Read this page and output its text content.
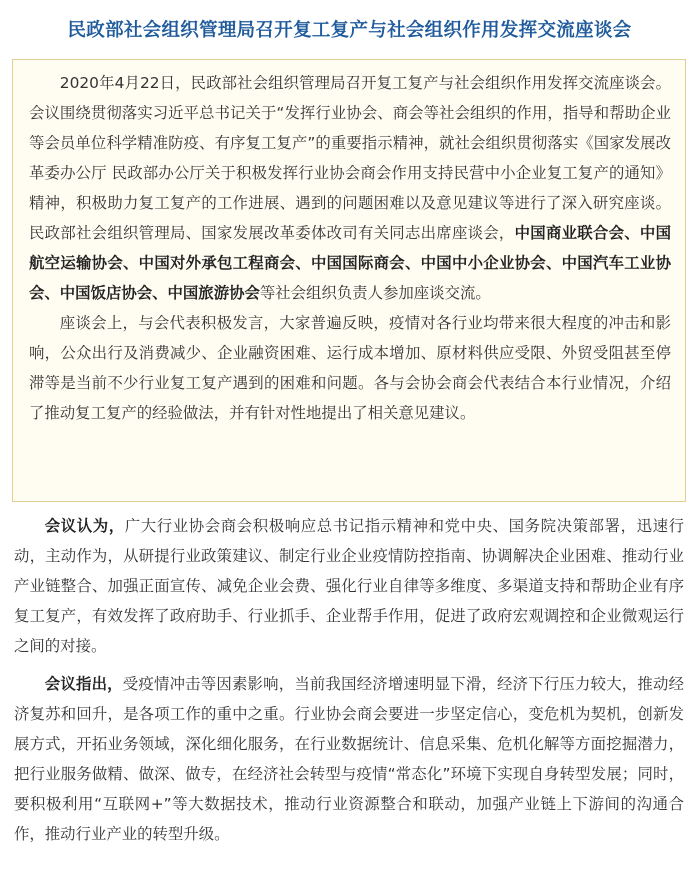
民政部社会组织管理局召开复工复产与社会组织作用发挥交流座谈会

2020年4月22日，民政部社会组织管理局召开复工复产与社会组织作用发挥交流座谈会。会议围绕贯彻落实习近平总书记关于“发挥行业协会、商会等社会组织的作用，指导和帮助企业等会员单位科学精准防疫、有序复工复产”的重要指示精神，就社会组织贯彻落实《国家发展改革委办公厅 民政部办公厅关于积极发挥行业协会商会作用支持民营中小企业复工复产的通知》精神，积极助力复工复产的工作进展、遇到的问题困难以及意见建议等进行了深入研究座谈。民政部社会组织管理局、国家发展改革委体改司有关同志出席座谈会，中国商业联合会、中国航空运输协会、中国对外承包工程商会、中国国际商会、中国中小企业协会、中国汽车工业协会、中国饭店协会、中国旅游协会等社会组织负责人参加座谈交流。

座谈会上，与会代表积极发言，大家普遍反映，疫情对各行业均带来很大程度的冲击和影响，公众出行及消费减少、企业融资困难、运行成本增加、原材料供应受限、外贸受阻甚至停滞等是当前不少行业复工复产遇到的困难和问题。各与会协会商会代表结合本行业情况，介绍了推动复工复产的经验做法，并有针对性地提出了相关意见建议。

会议认为，广大行业协会商会积极响应总书记指示精神和党中央、国务院决策部署，迅速行动，主动作为，从研提行业政策建议、制定行业企业疫情防控指南、协调解决企业困难、推动行业产业链整合、加强正面宣传、减免企业会费、强化行业自律等多维度、多渠道支持和帮助企业有序复工复产，有效发挥了政府助手、行业抓手、企业帮手作用，促进了政府宏观调控和企业微观运行之间的对接。

会议指出，受疫情冲击等因素影响，当前我国经济增速明显下滑，经济下行压力较大，推动经济复苏和回升，是各项工作的重中之重。行业协会商会要进一步坚定信心，变危机为契机，创新发展方式，开拓业务领域，深化细化服务，在行业数据统计、信息采集、危机化解等方面挖掘潜力，把行业服务做精、做深、做专，在经济社会转型与疫情“常态化”环境下实现自身转型发展；同时，要积极利用“互联网+”等大数据技术，推动行业资源整合和联动，加强产业链上下游间的沟通合作，推动行业产业的转型升级。
